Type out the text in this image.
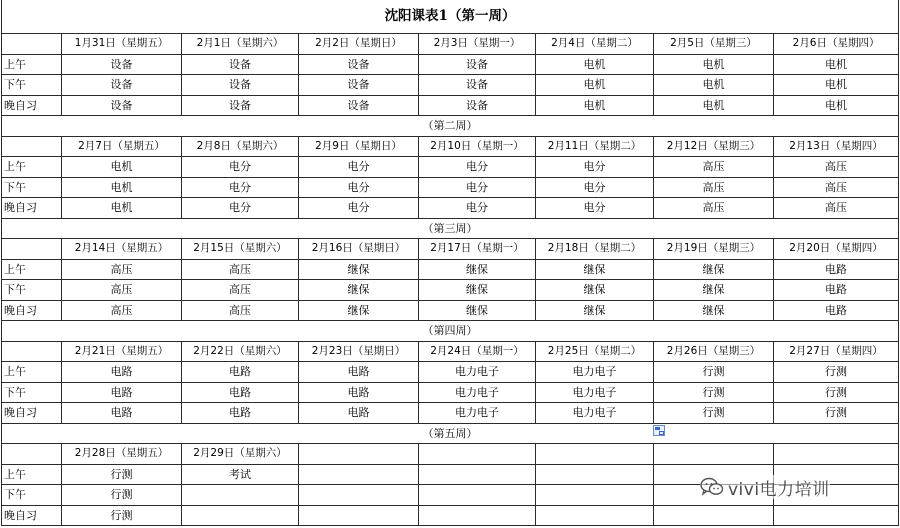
沈阳课表1（第一周）							
	1月31日（星期五）	2月1日（星期六）	2月2日（星期日）	2月3日（星期一）	2月4日（星期二）	2月5日（星期三）	2月6日（星期四）
上午	设备	设备	设备	设备	电机	电机	电机
下午	设备	设备	设备	设备	电机	电机	电机
晚自习	设备	设备	设备	设备	电机	电机	电机
（第二周）							
	2月7日（星期五）	2月8日（星期六）	2月9日（星期日）	2月10日（星期一）	2月11日（星期二）	2月12日（星期三）	2月13日（星期四）
上午	电机	电分	电分	电分	电分	高压	高压
下午	电机	电分	电分	电分	电分	高压	高压
晚自习	电机	电分	电分	电分	电分	高压	高压
（第三周）							
	2月14日（星期五）	2月15日（星期六）	2月16日（星期日）	2月17日（星期一）	2月18日（星期二）	2月19日（星期三）	2月20日（星期四）
上午	高压	高压	继保	继保	继保	继保	电路
下午	高压	高压	继保	继保	继保	继保	电路
晚自习	高压	高压	继保	继保	继保	继保	电路
（第四周）							
	2月21日（星期五）	2月22日（星期六）	2月23日（星期日）	2月24日（星期一）	2月25日（星期二）	2月26日（星期三）	2月27日（星期四）
上午	电路	电路	电路	电力电子	电力电子	行测	行测
下午	电路	电路	电路	电力电子	电力电子	行测	行测
晚自习	电路	电路	电路	电力电子	电力电子	行测	行测
（第五周）							
	2月28日（星期五）	2月29日（星期六）					
上午	行测	考试					
下午	行测						
晚自习	行测						
vivi电力培训
